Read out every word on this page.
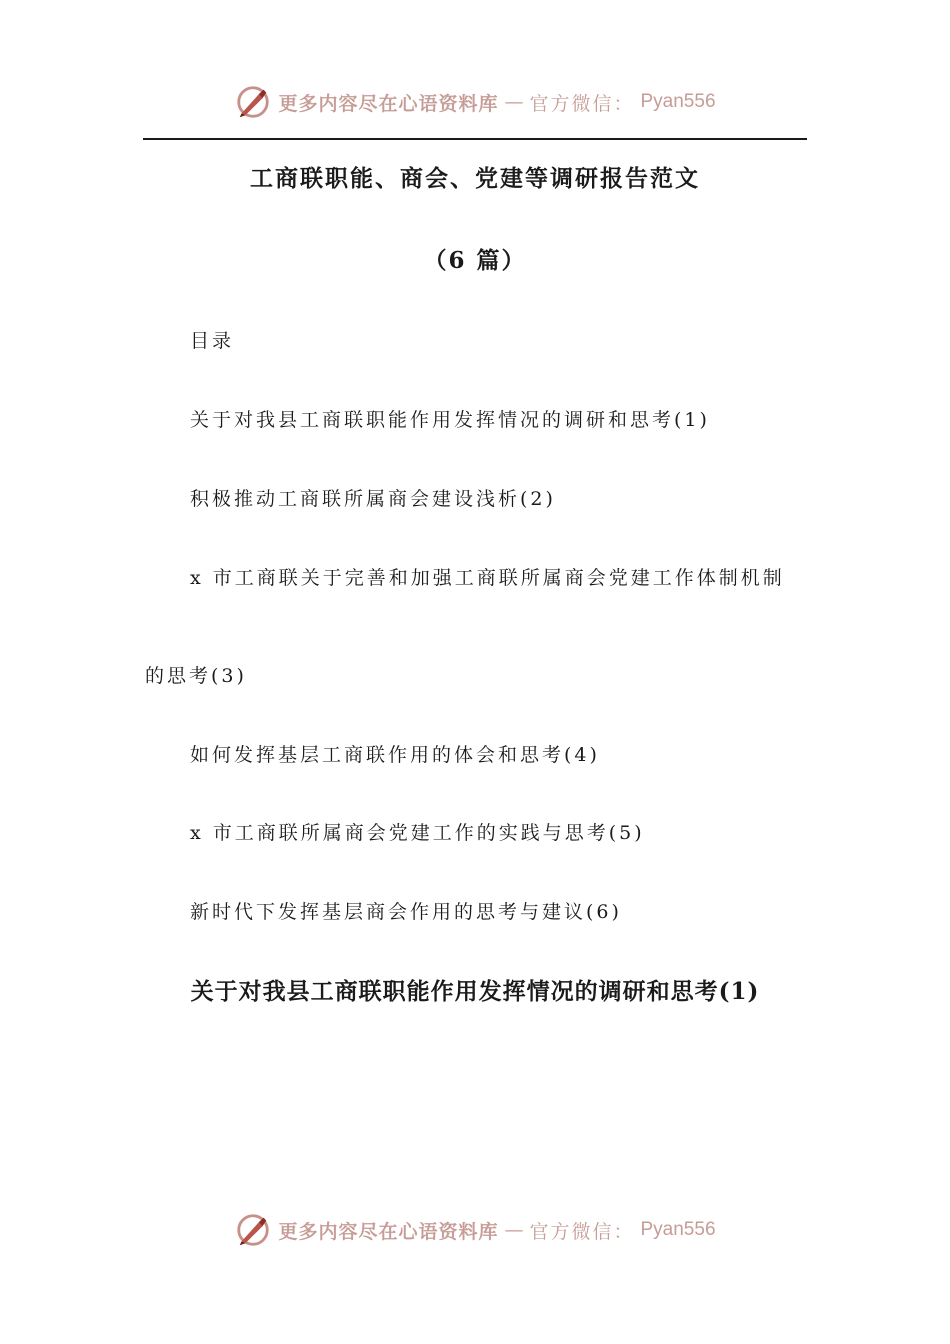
更多内容尽在心语资料库 — 官方微信： Pyan556
工商联职能、商会、党建等调研报告范文
（6 篇）
目录
关于对我县工商联职能作用发挥情况的调研和思考(1)
积极推动工商联所属商会建设浅析(2)
x 市工商联关于完善和加强工商联所属商会党建工作体制机制
的思考(3)
如何发挥基层工商联作用的体会和思考(4)
x 市工商联所属商会党建工作的实践与思考(5)
新时代下发挥基层商会作用的思考与建议(6)
关于对我县工商联职能作用发挥情况的调研和思考(1)
更多内容尽在心语资料库 — 官方微信： Pyan556
